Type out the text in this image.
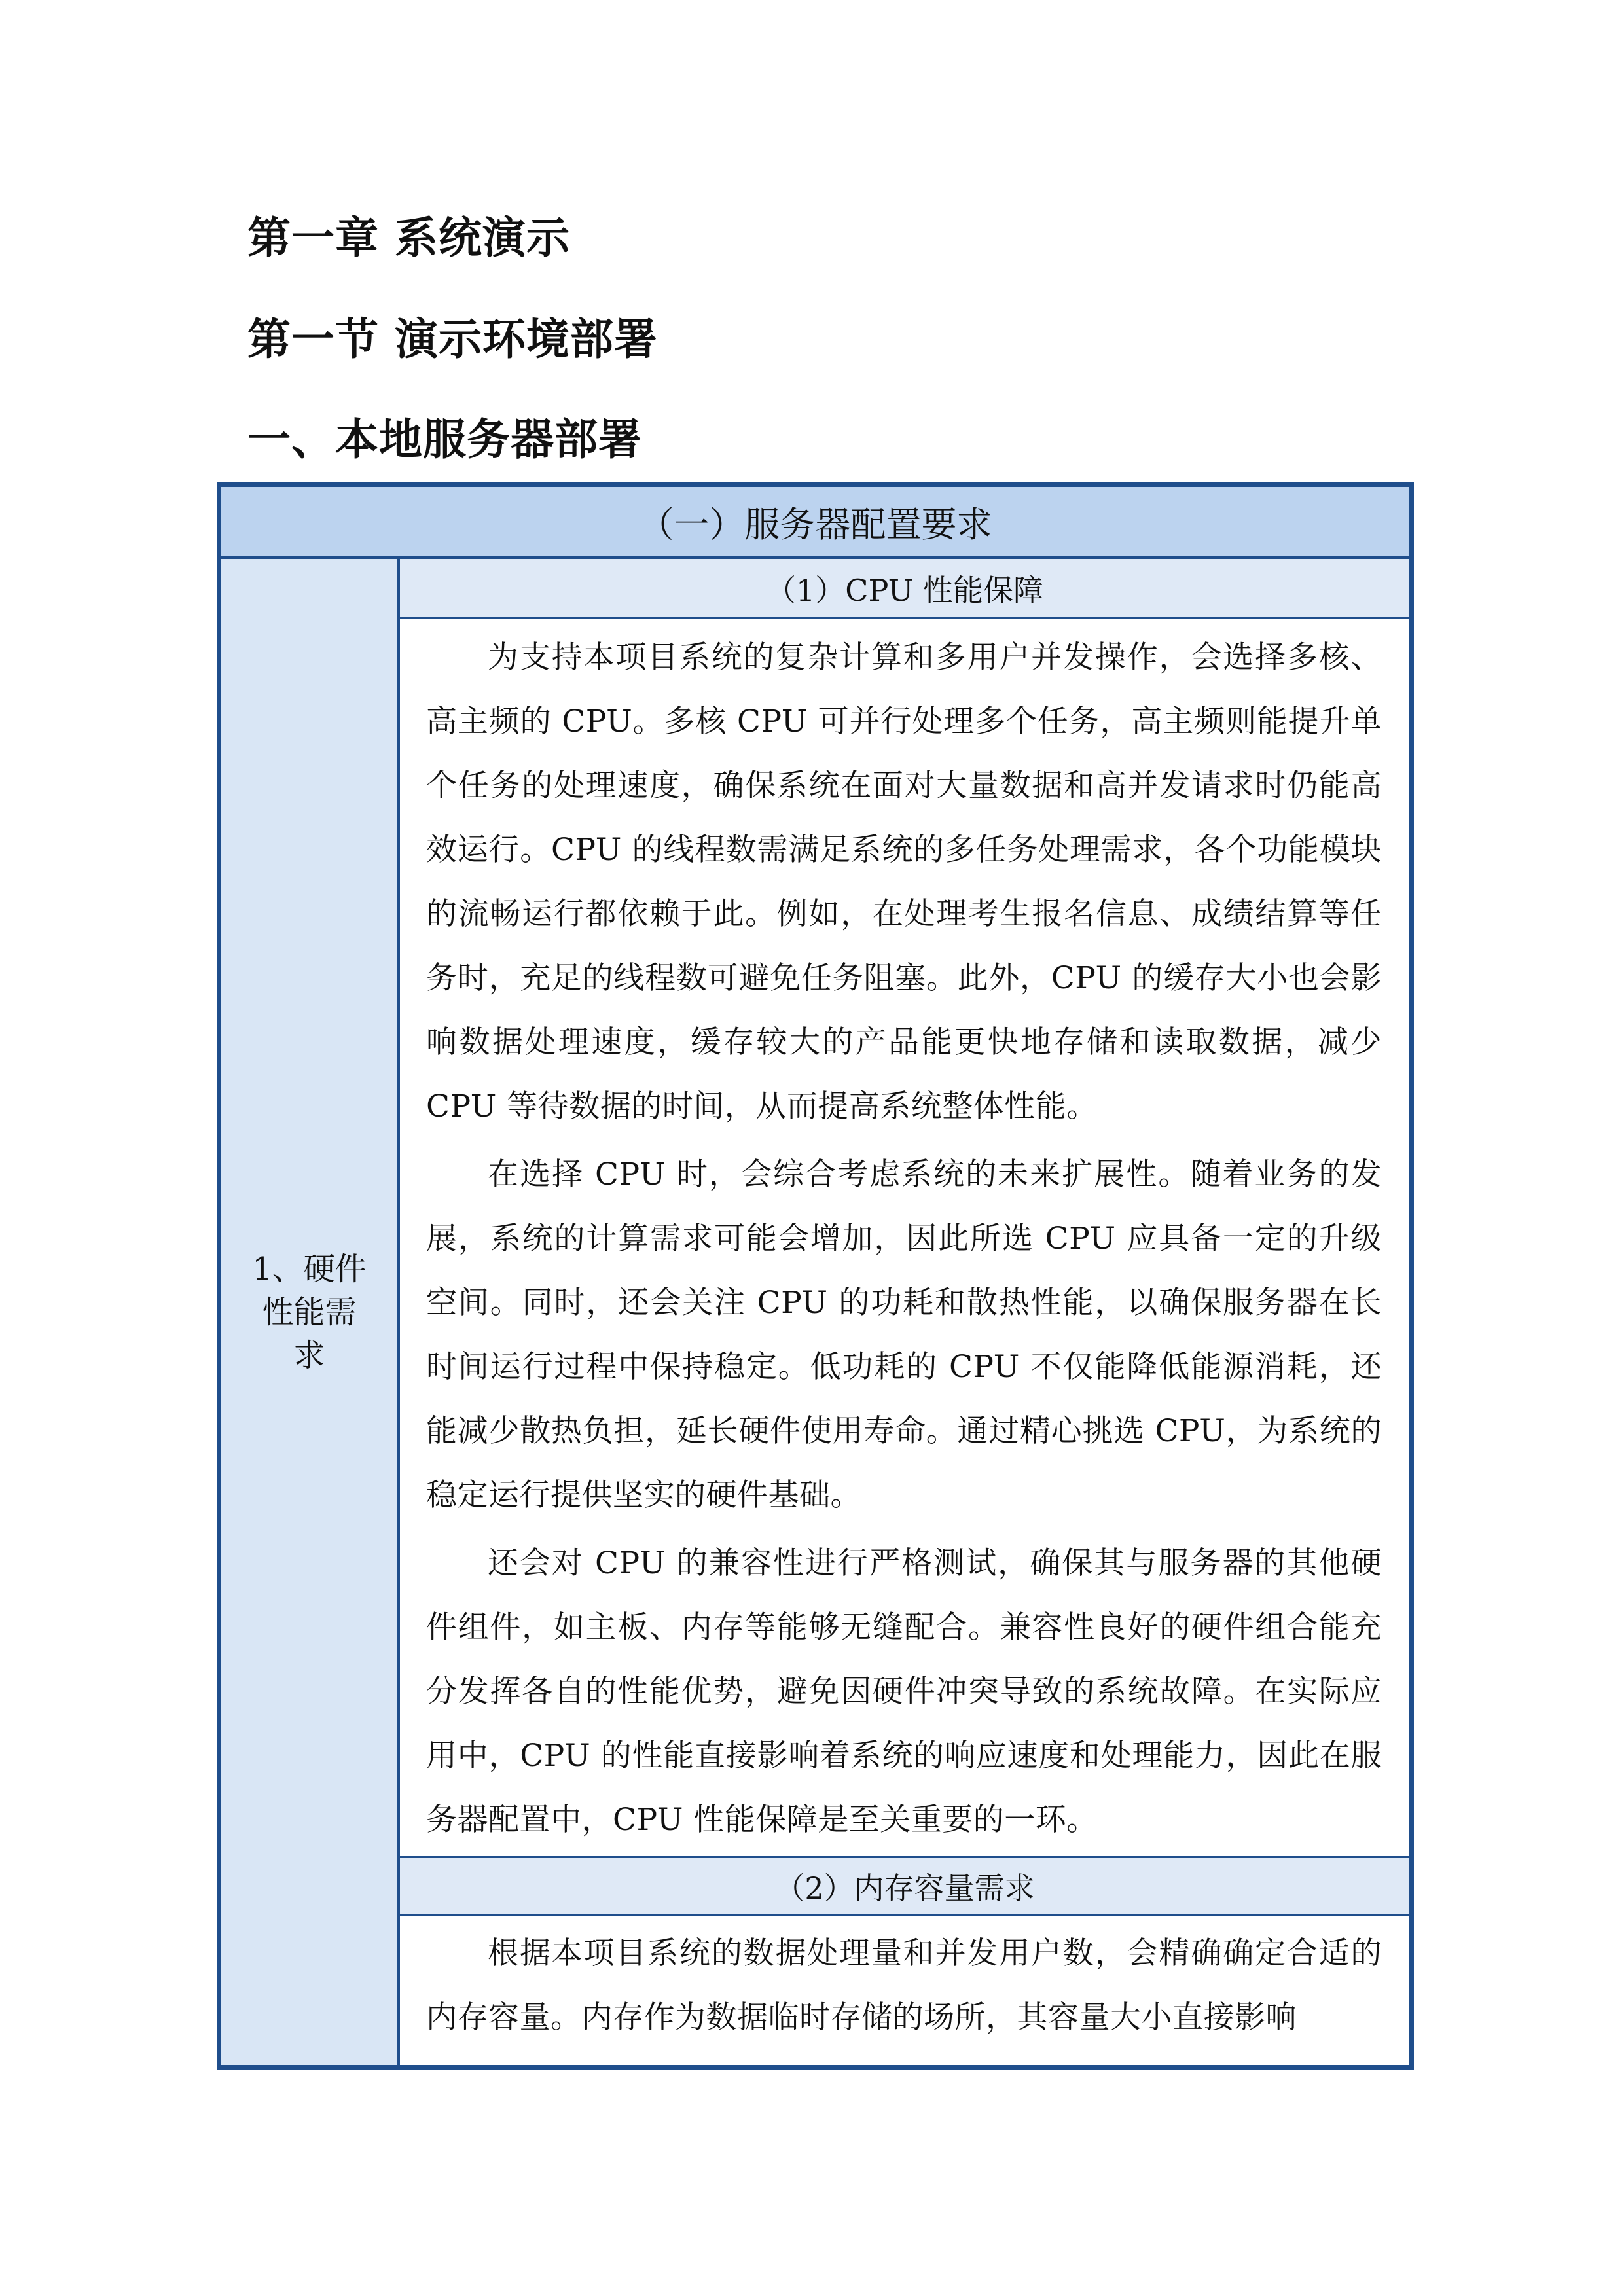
第一章 系统演示
第一节 演示环境部署
一、本地服务器部署
（一）服务器配置要求
1、硬件性能需求
（1）CPU 性能保障

为支持本项目系统的复杂计算和多用户并发操作，会选择多核、高主频的 CPU。多核 CPU 可并行处理多个任务，高主频则能提升单个任务的处理速度，确保系统在面对大量数据和高并发请求时仍能高效运行。CPU 的线程数需满足系统的多任务处理需求，各个功能模块的流畅运行都依赖于此。例如，在处理考生报名信息、成绩结算等任务时，充足的线程数可避免任务阻塞。此外，CPU 的缓存大小也会影响数据处理速度，缓存较大的产品能更快地存储和读取数据，减少 CPU 等待数据的时间，从而提高系统整体性能。

在选择 CPU 时，会综合考虑系统的未来扩展性。随着业务的发展，系统的计算需求可能会增加，因此所选 CPU 应具备一定的升级空间。同时，还会关注 CPU 的功耗和散热性能，以确保服务器在长时间运行过程中保持稳定。低功耗的 CPU 不仅能降低能源消耗，还能减少散热负担，延长硬件使用寿命。通过精心挑选 CPU，为系统的稳定运行提供坚实的硬件基础。

还会对 CPU 的兼容性进行严格测试，确保其与服务器的其他硬件组件，如主板、内存等能够无缝配合。兼容性良好的硬件组合能充分发挥各自的性能优势，避免因硬件冲突导致的系统故障。在实际应用中，CPU 的性能直接影响着系统的响应速度和处理能力，因此在服务器配置中，CPU 性能保障是至关重要的一环。

（2）内存容量需求

根据本项目系统的数据处理量和并发用户数，会精确确定合适的内存容量。内存作为数据临时存储的场所，其容量大小直接影响
